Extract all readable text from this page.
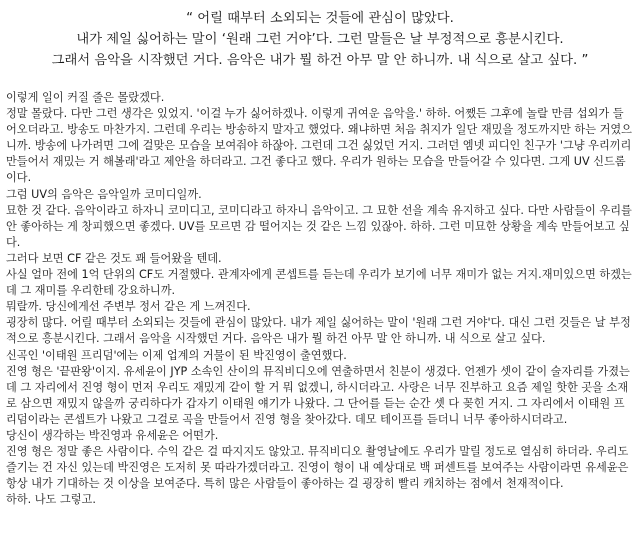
“ 어릴 때부터 소외되는 것들에 관심이 많았다.
내가 제일 싫어하는 말이 ‘원래 그런 거야’다. 그런 말들은 날 부정적으로 흥분시킨다.
그래서 음악을 시작했던 거다. 음악은 내가 뭘 하건 아무 말 안 하니까. 내 식으로 살고 싶다. ”

이렇게 일이 커질 줄은 몰랐겠다.

정말 몰랐다. 다만 그런 생각은 있었지. '이걸 누가 싫어하겠나. 이렇게 귀여운 음악을.' 하하. 어쨌든 그후에 놀랄 만큼 섭외가 들어오더라고. 방송도 마찬가지. 그런데 우리는 방송하지 말자고 했었다. 왜냐하면 처음 취지가 일단 재밌을 정도까지만 하는 거였으니까. 방송에 나가려면 그에 걸맞은 모습을 보여줘야 하잖아. 그런데 그건 싫었던 거지. 그러던 엠넷 피디인 친구가 '그냥 우리끼리 만들어서 재밌는 거 해볼래'라고 제안을 하더라고. 그건 좋다고 했다. 우리가 원하는 모습을 만들어갈 수 있다면. 그게 UV 신드롬이다.

그럼 UV의 음악은 음악일까 코미디일까.

묘한 것 같다. 음악이라고 하자니 코미디고, 코미디라고 하자니 음악이고. 그 묘한 선을 계속 유지하고 싶다. 다만 사람들이 우리를 안 좋아하는 게 창피했으면 좋겠다. UV를 모르면 감 떨어지는 것 같은 느낌 있잖아. 하하. 그런 미묘한 상황을 계속 만들어보고 싶다.

그러다 보면 CF 같은 것도 꽤 들어왔을 텐데.

사실 얼마 전에 1억 단위의 CF도 거절했다. 관계자에게 콘셉트를 듣는데 우리가 보기에 너무 재미가 없는 거지.재미있으면 하겠는데 그 재미를 우리한테 강요하니까.

뭐랄까. 당신에게선 주변부 정서 같은 게 느껴진다.

굉장히 많다. 어릴 때부터 소외되는 것들에 관심이 많았다. 내가 제일 싫어하는 말이 '원래 그런 거야'다. 대신 그런 것들은 날 부정적으로 흥분시킨다. 그래서 음악을 시작했던 거다. 음악은 내가 뭘 하건 아무 말 안 하니까. 내 식으로 살고 싶다.

신곡인 '이태원 프리덤'에는 이제 업계의 거물이 된 박진영이 출연했다.

진영 형은 '끝판왕'이지. 유세윤이 JYP 소속인 산이의 뮤직비디오에 연출하면서 친분이 생겼다. 언젠가 셋이 같이 술자리를 가졌는데 그 자리에서 진영 형이 먼저 우리도 재밌게 같이 할 거 뭐 없겠니, 하시더라고. 사랑은 너무 진부하고 요즘 제일 핫한 곳을 소재로 삼으면 재밌지 않을까 궁리하다가 갑자기 이태원 얘기가 나왔다. 그 단어를 듣는 순간 셋 다 꽂힌 거지. 그 자리에서 이태원 프리덤이라는 콘셉트가 나왔고 그걸로 곡을 만들어서 진영 형을 찾아갔다. 데모 테이프를 듣더니 너무 좋아하시더라고.

당신이 생각하는 박진영과 유세윤은 어떤가.

진영 형은 정말 좋은 사람이다. 수익 같은 걸 따지지도 않았고. 뮤직비디오 촬영날에도 우리가 말릴 정도로 열심히 하더라. 우리도 즐기는 건 자신 있는데 박진영은 도저히 못 따라가겠더라고. 진영이 형이 내 예상대로 백 퍼센트를 보여주는 사람이라면 유세윤은 항상 내가 기대하는 것 이상을 보여준다. 특히 많은 사람들이 좋아하는 걸 굉장히 빨리 캐치하는 점에서 천재적이다.

하하. 나도 그렇고.
